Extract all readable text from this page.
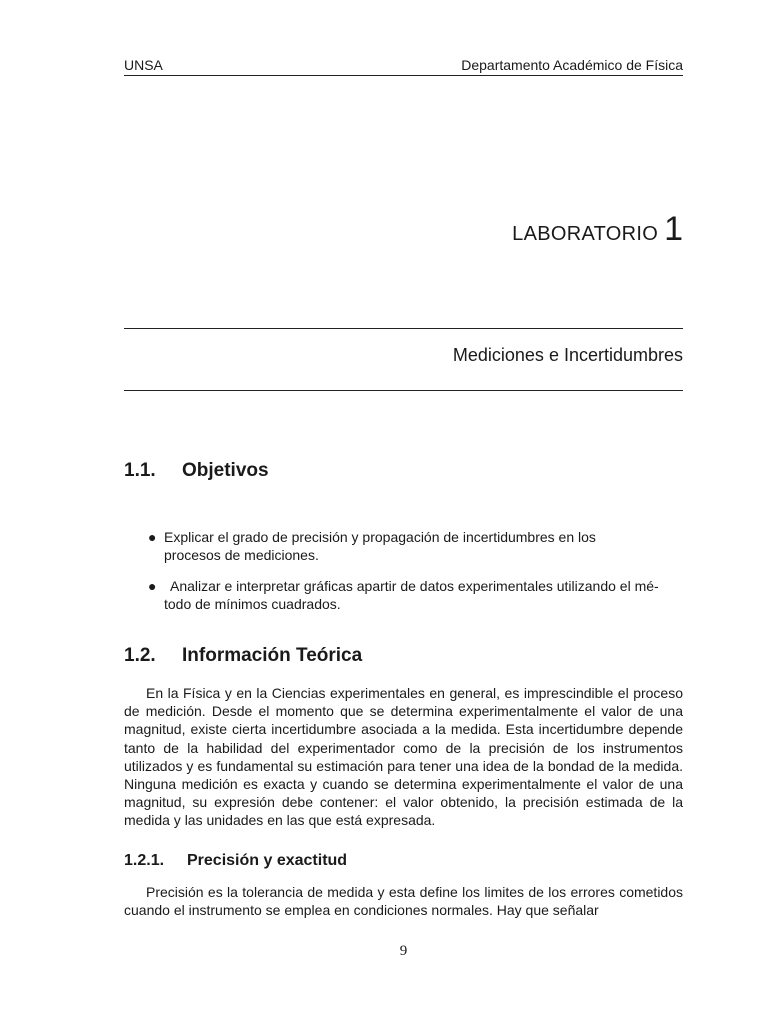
UNSA	Departamento Académico de Física
LABORATORIO 1
Mediciones e Incertidumbres
1.1. Objetivos
● Explicar el grado de precisión y propagación de incertidumbres en los
procesos de mediciones.
● Analizar e interpretar gráficas apartir de datos experimentales utilizando el mé-
todo de mínimos cuadrados.
1.2. Información Teórica

En la Física y en la Ciencias experimentales en general, es imprescindible el proceso de medición. Desde el momento que se determina experimentalmente el valor de una magnitud, existe cierta incertidumbre asociada a la medida. Esta incertidumbre depende tanto de la habilidad del experimentador como de la precisión de los instrumentos utilizados y es fundamental su estimación para tener una idea de la bondad de la medida. Ninguna medición es exacta y cuando se determina experimentalmente el valor de una magnitud, su expresión debe contener: el valor obtenido, la precisión estimada de la medida y las unidades en las que está expresada.

1.2.1. Precisión y exactitud

Precisión es la tolerancia de medida y esta define los limites de los errores cometidos cuando el instrumento se emplea en condiciones normales. Hay que señalar

9
